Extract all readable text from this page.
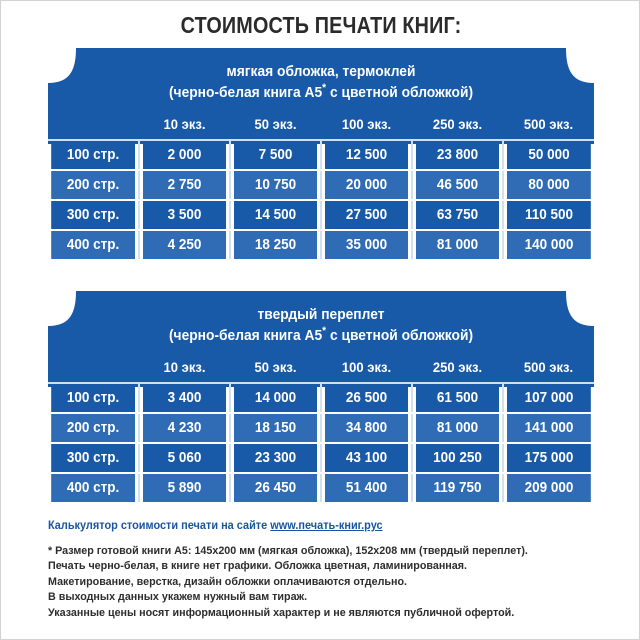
СТОИМОСТЬ ПЕЧАТИ КНИГ:
мягкая обложка, термоклей
(черно-белая книга А5* с цветной обложкой)
	10 экз.	50 экз.	100 экз.	250 экз.	500 экз.
100 стр.	2 000	7 500	12 500	23 800	50 000
200 стр.	2 750	10 750	20 000	46 500	80 000
300 стр.	3 500	14 500	27 500	63 750	110 500
400 стр.	4 250	18 250	35 000	81 000	140 000
твердый переплет
(черно-белая книга А5* с цветной обложкой)
	10 экз.	50 экз.	100 экз.	250 экз.	500 экз.
100 стр.	3 400	14 000	26 500	61 500	107 000
200 стр.	4 230	18 150	34 800	81 000	141 000
300 стр.	5 060	23 300	43 100	100 250	175 000
400 стр.	5 890	26 450	51 400	119 750	209 000
Калькулятор стоимости печати на сайте www.печать-книг.рус
* Размер готовой книги А5: 145х200 мм (мягкая обложка), 152х208 мм (твердый переплет).
Печать черно-белая, в книге нет графики. Обложка цветная, ламинированная.
Макетирование, верстка, дизайн обложки оплачиваются отдельно.
В выходных данных укажем нужный вам тираж.
Указанные цены носят информационный характер и не являются публичной офертой.
